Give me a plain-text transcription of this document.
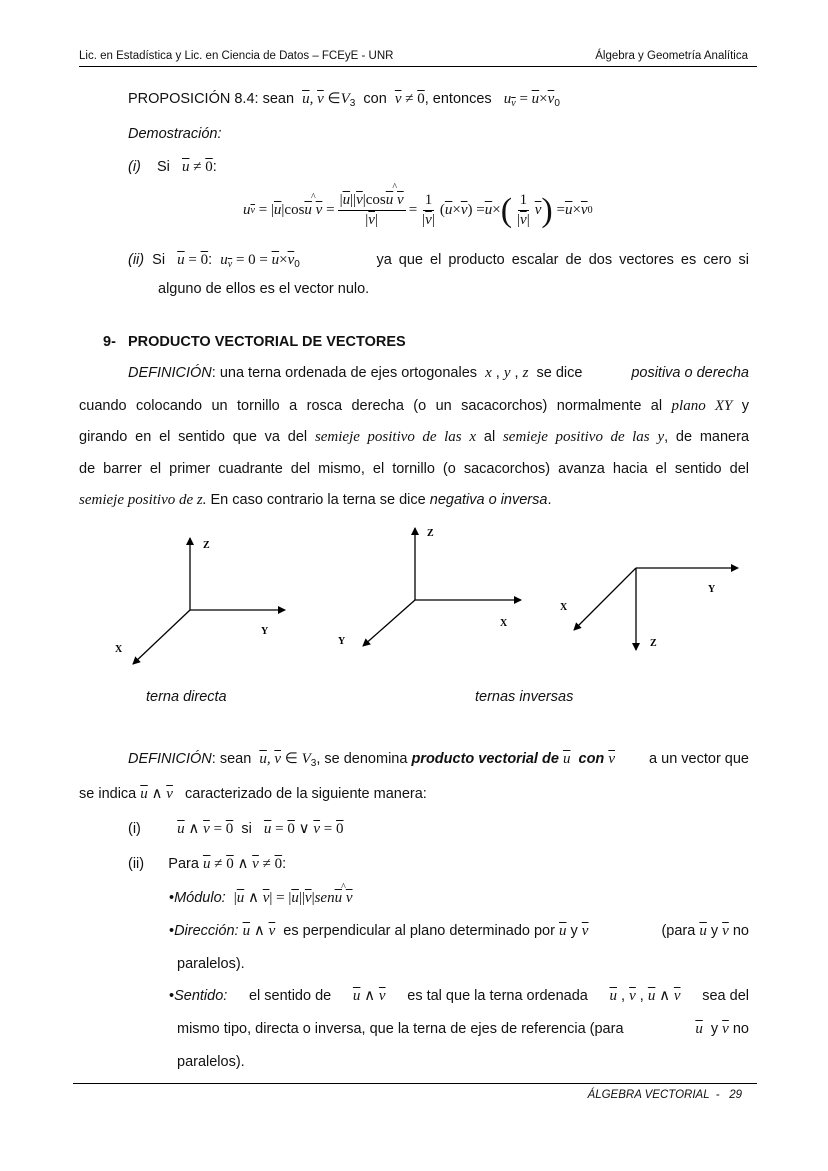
Lic. en Estadística y Lic. en Ciencia de Datos – FCEyE - UNR	Álgebra y Geometría Analítica
PROPOSICIÓN 8.4: sean $\overline{u}$, $\overline{v}$ $\in V_3$ con $\overline{v} \ne 0$, entonces $u_{\overline{v}} = \overline{u}\times\overline{v}_0$
Demostración:
(i) Si $\overline{u} \ne 0$:
u $\overline{v}$ = | $\overline{u}$ |cos ^ $\overline{u}$ $\overline{v} = \frac{|\overline{u}||\overline{v}|\cos\^{} \overline{u} \overline{v}}{|\overline{v}|} = \frac{1}{|\overline{v}|}$ ( $\overline{u} \times \overline{v}$ ) = $\overline{u}$ × ( $\frac{1}{|\overline{v}|} \overline{v}$ ) = $\overline{u} \times \overline{v}$ 0
(ii) Si $\overline{u} = 0$:  $u_{\overline{v}} = 0 = \overline{u}\times\overline{v}_0$	ya que el producto escalar de dos vectores es cero si
alguno de ellos es el vector nulo.
9- PRODUCTO VECTORIAL DE VECTORES
DEFINICIÓN: una terna ordenada de ejes ortogonales x , y , z se dice	positiva o derecha
cuando colocando un tornillo a rosca derecha (o un sacacorchos) normalmente al plano XY y
girando en el sentido que va del semieje positivo de las x al semieje positivo de las y, de manera
de barrer el primer cuadrante del mismo, el tornillo (o sacacorchos) avanza hacia el sentido del
semieje positivo de z. En caso contrario la terna se dice negativa o inversa.
Z
Y
X
Z
X
Y
Y
Z
X
terna directa	ternas inversas
DEFINICIÓN: sean $\overline{u}$, $\overline{v}$ ∈ $V_3$, se denomina producto vectorial de $\overline{u}$ con $\overline{v}$ a un vector que
se indica $\overline{u}$ ∧ $\overline{v}$ caracterizado de la siguiente manera:
(i) $\overline{u}$ ∧ $\overline{v} = 0$ si $\overline{u} = 0$ ∨ $\overline{v} = 0$
(ii) Para $\overline{u} \ne 0$ ∧ $\overline{v} \ne 0$:
•Módulo: $|\overline{u}$ ∧ $\overline{v}|$ = $|\overline{u}||\overline{v}|sen\^{}$ $\overline{u}$ $\overline{v}$
•Dirección: $\overline{u}$ ∧ $\overline{v}$ es perpendicular al plano determinado por $\overline{u}$ y $\overline{v}$	(para $\overline{u}$ y $\overline{v}$ no
paralelos).
•Sentido: el sentido de $\overline{u}$ ∧ $\overline{v}$ es tal que la terna ordenada $\overline{u}$ , $\overline{v}$ , $\overline{u}$ ∧ $\overline{v}$ sea del
mismo tipo, directa o inversa, que la terna de ejes de referencia (para	$\overline{u}$ y $\overline{v}$ no
paralelos).
ÁLGEBRA VECTORIAL  -   29
